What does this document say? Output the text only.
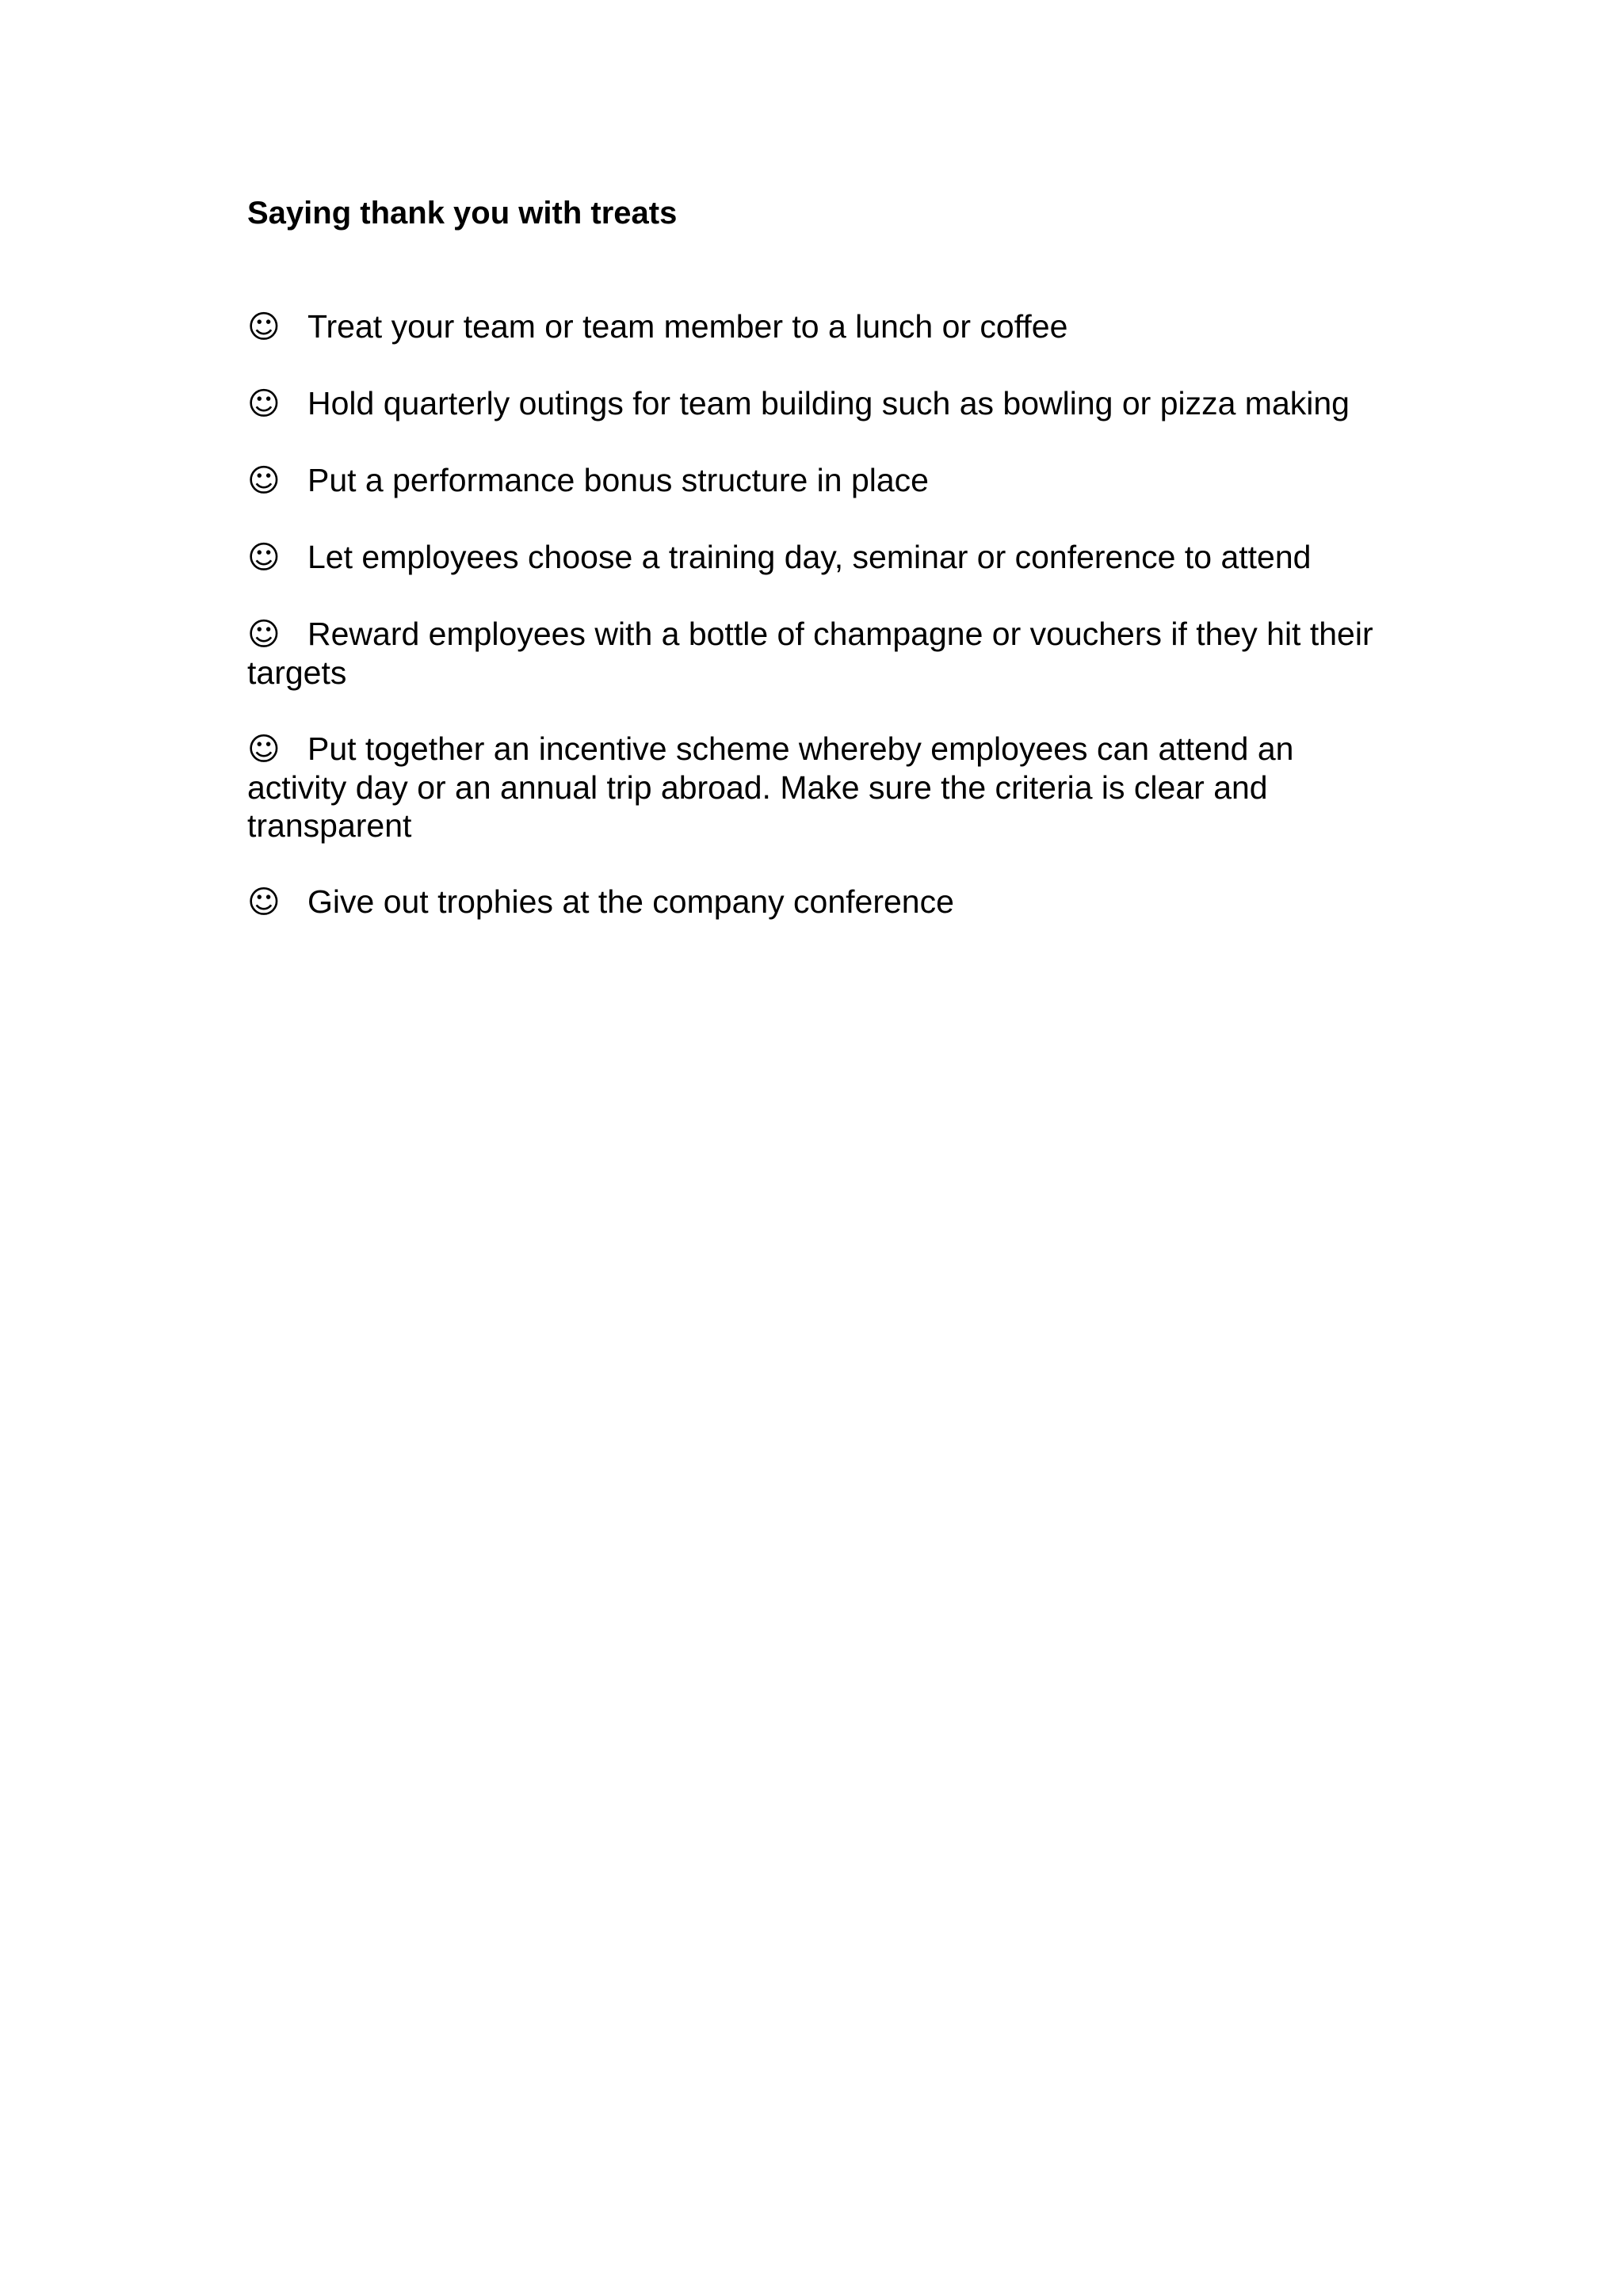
Saying thank you with treats
☺ Treat your team or team member to a lunch or coffee
☺ Hold quarterly outings for team building such as bowling or pizza making
☺ Put a performance bonus structure in place
☺ Let employees choose a training day, seminar or conference to attend
☺ Reward employees with a bottle of champagne or vouchers if they hit their targets
☺ Put together an incentive scheme whereby employees can attend an activity day or an annual trip abroad. Make sure the criteria is clear and transparent
☺ Give out trophies at the company conference
